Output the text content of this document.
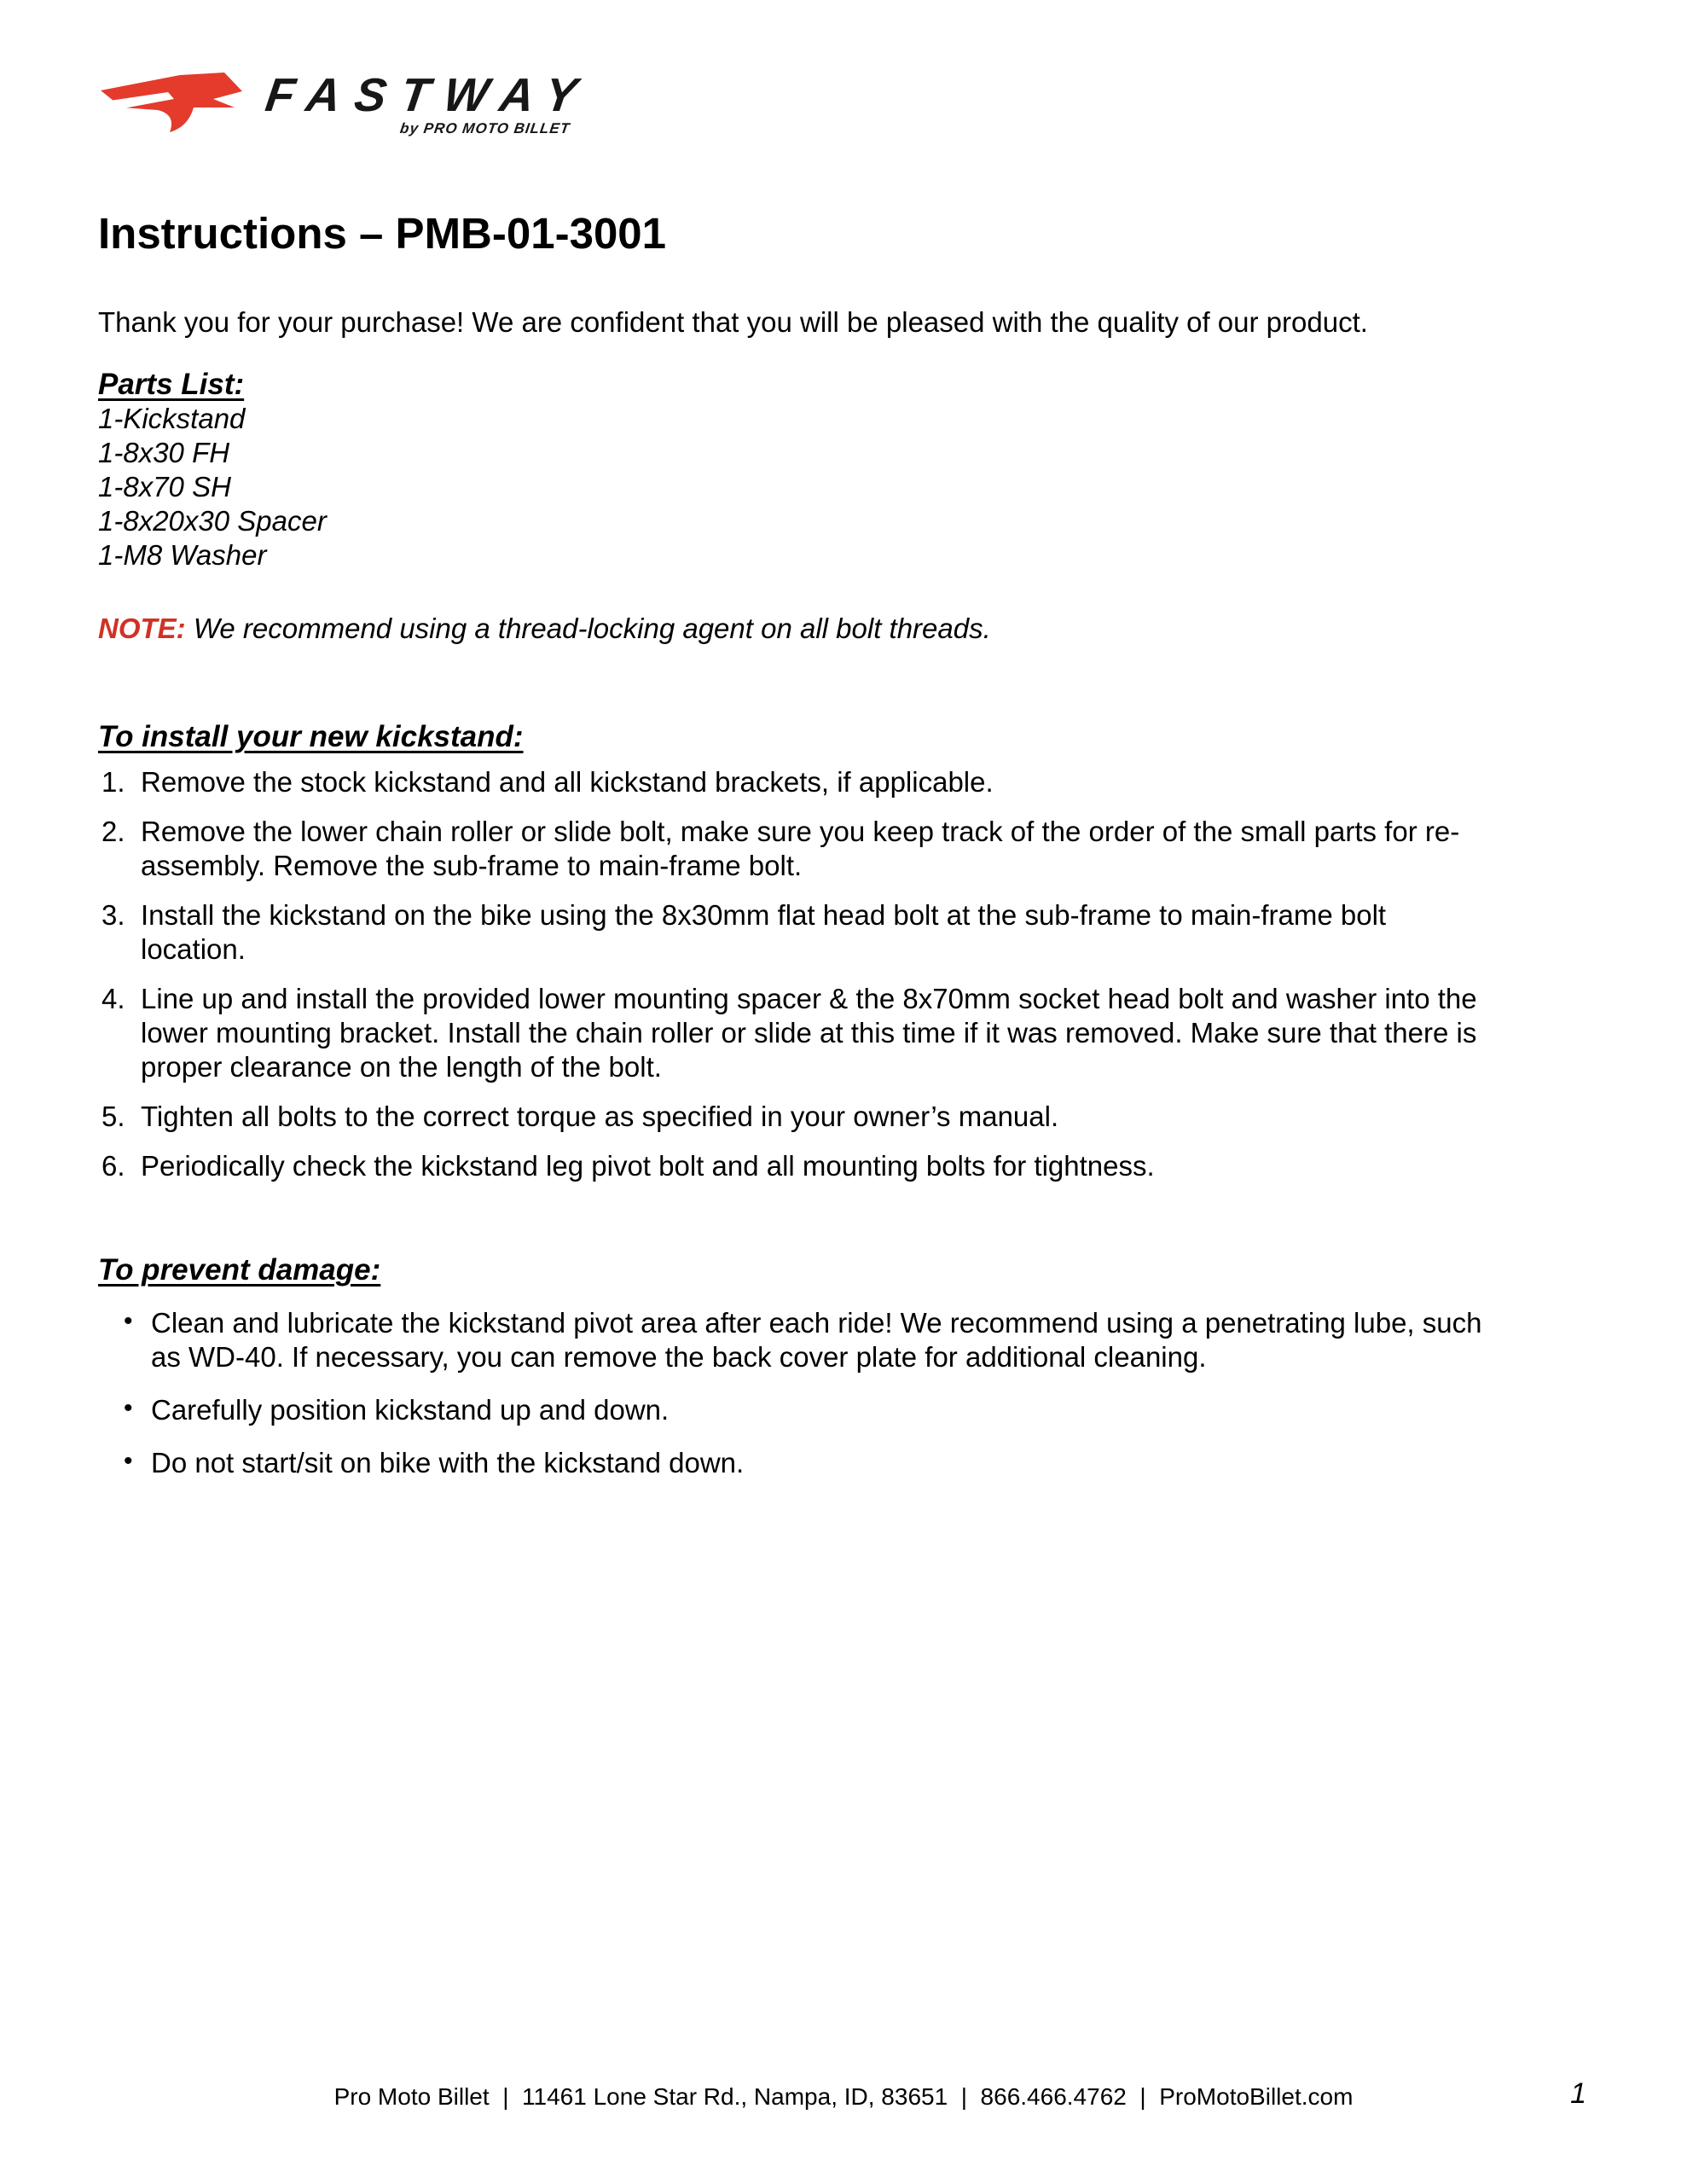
FASTWAY
by PRO MOTO BILLET
Instructions – PMB-01-3001

Thank you for your purchase! We are confident that you will be pleased with the quality of our product.

Parts List:
1-Kickstand
1-8x30 FH
1-8x70 SH
1-8x20x30 Spacer
1-M8 Washer

NOTE: We recommend using a thread-locking agent on all bolt threads.

To install your new kickstand:
1. Remove the stock kickstand and all kickstand brackets, if applicable.
2. Remove the lower chain roller or slide bolt, make sure you keep track of the order of the small parts for re-
assembly. Remove the sub-frame to main-frame bolt.
3. Install the kickstand on the bike using the 8x30mm flat head bolt at the sub-frame to main-frame bolt
location.
4. Line up and install the provided lower mounting spacer & the 8x70mm socket head bolt and washer into the
lower mounting bracket. Install the chain roller or slide at this time if it was removed. Make sure that there is
proper clearance on the length of the bolt.
5. Tighten all bolts to the correct torque as specified in your owner’s manual.
6. Periodically check the kickstand leg pivot bolt and all mounting bolts for tightness.
To prevent damage:
• Clean and lubricate the kickstand pivot area after each ride! We recommend using a penetrating lube, such
as WD-40. If necessary, you can remove the back cover plate for additional cleaning.
• Carefully position kickstand up and down.
• Do not start/sit on bike with the kickstand down.
Pro Moto Billet  |  11461 Lone Star Rd., Nampa, ID, 83651  |  866.466.4762  |  ProMotoBillet.com	1
